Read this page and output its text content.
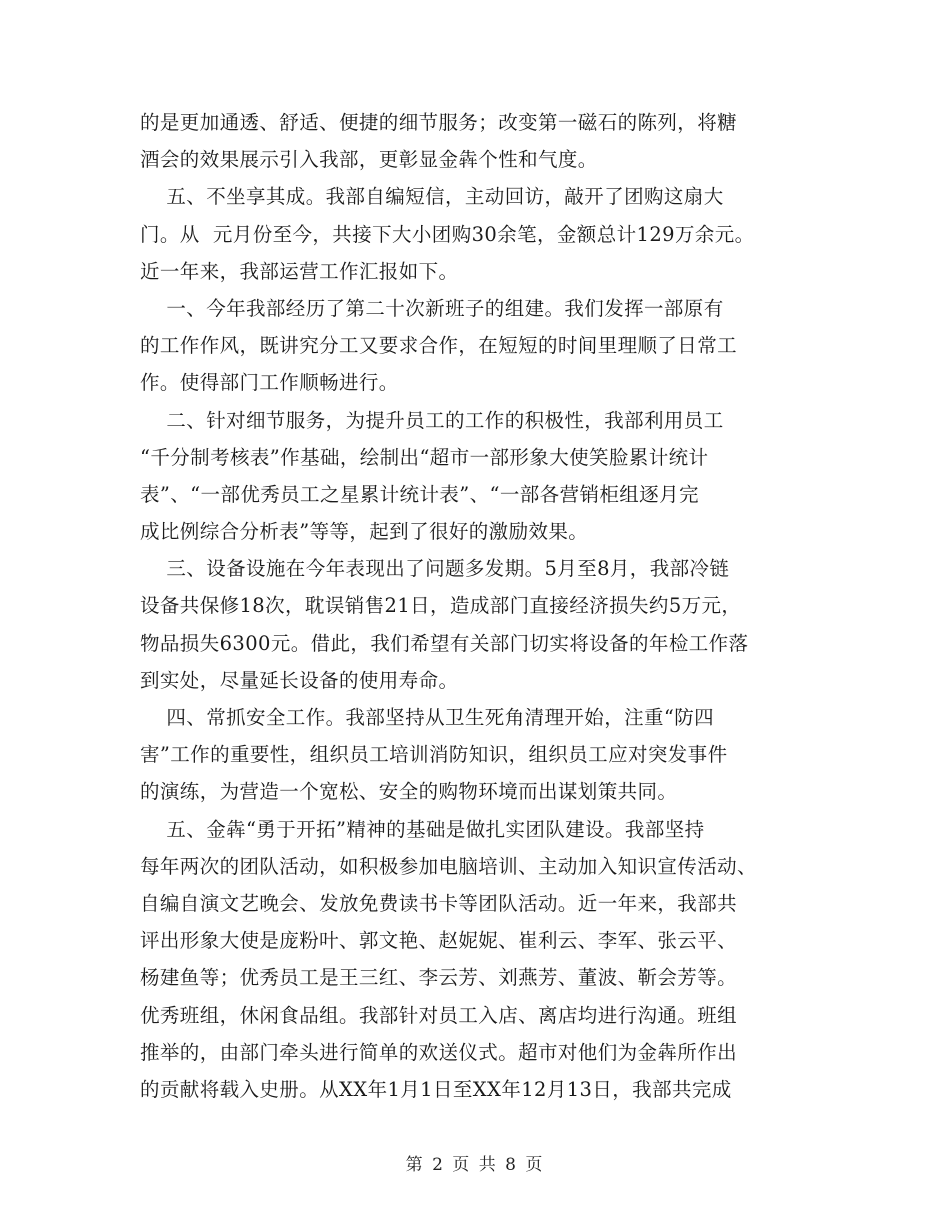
的是更加通透、舒适、便捷的细节服务；改变第一磁石的陈列，将糖
酒会的效果展示引入我部，更彰显金犇个性和气度。
五、不坐享其成。我部自编短信，主动回访，敲开了团购这扇大
门。从  元月份至今，共接下大小团购30余笔，金额总计129万余元。
近一年来，我部运营工作汇报如下。
一、今年我部经历了第二十次新班子的组建。我们发挥一部原有
的工作作风，既讲究分工又要求合作，在短短的时间里理顺了日常工
作。使得部门工作顺畅进行。
二、针对细节服务，为提升员工的工作的积极性，我部利用员工
“千分制考核表”作基础，绘制出“超市一部形象大使笑脸累计统计
表”、“一部优秀员工之星累计统计表”、“一部各营销柜组逐月完
成比例综合分析表”等等，起到了很好的激励效果。
三、设备设施在今年表现出了问题多发期。5月至8月，我部冷链
设备共保修18次，耽误销售21日，造成部门直接经济损失约5万元，
物品损失6300元。借此，我们希望有关部门切实将设备的年检工作落
到实处，尽量延长设备的使用寿命。
四、常抓安全工作。我部坚持从卫生死角清理开始，注重“防四
害”工作的重要性，组织员工培训消防知识，组织员工应对突发事件
的演练，为营造一个宽松、安全的购物环境而出谋划策共同。
五、金犇“勇于开拓”精神的基础是做扎实团队建设。我部坚持
每年两次的团队活动，如积极参加电脑培训、主动加入知识宣传活动、
自编自演文艺晚会、发放免费读书卡等团队活动。近一年来，我部共
评出形象大使是庞粉叶、郭文艳、赵妮妮、崔利云、李军、张云平、
杨建鱼等；优秀员工是王三红、李云芳、刘燕芳、董波、靳会芳等。
优秀班组，休闲食品组。我部针对员工入店、离店均进行沟通。班组
推举的，由部门牵头进行简单的欢送仪式。超市对他们为金犇所作出
的贡献将载入史册。从XX年1月1日至XX年12月13日，我部共完成
第 2 页 共 8 页
